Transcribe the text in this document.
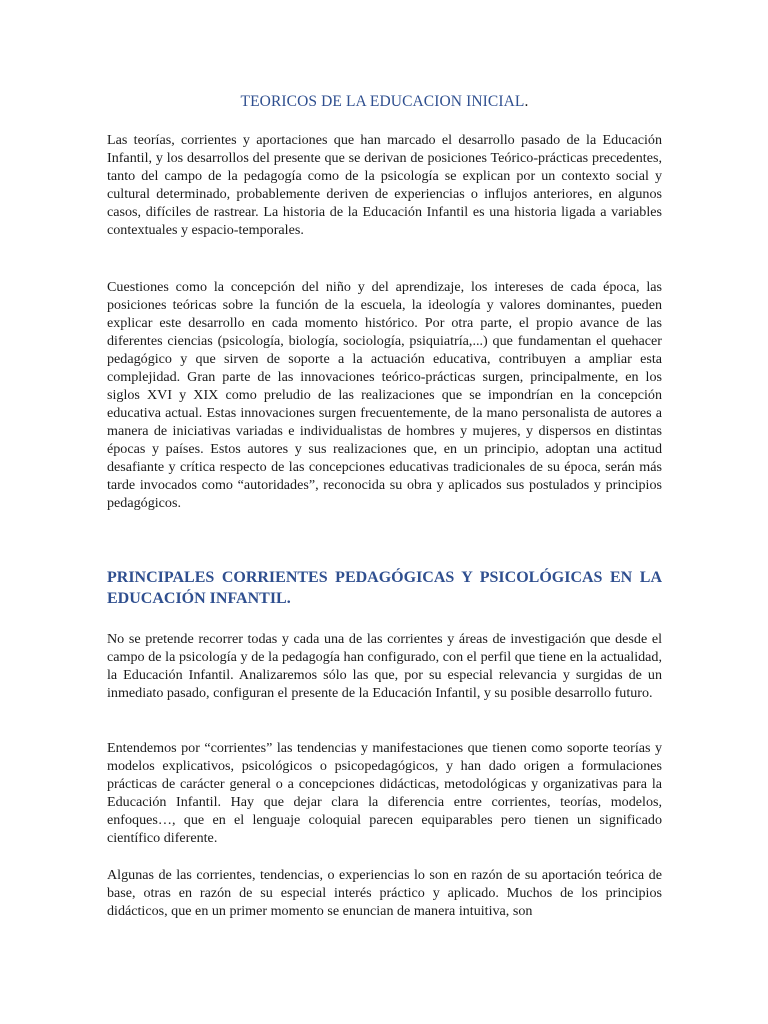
TEORICOS DE LA EDUCACION INICIAL.

Las teorías, corrientes y aportaciones que han marcado el desarrollo pasado de la Educación Infantil, y los desarrollos del presente que se derivan de posiciones Teórico-prácticas precedentes, tanto del campo de la pedagogía como de la psicología se explican por un contexto social y cultural determinado, probablemente deriven de experiencias o influjos anteriores, en algunos casos, difíciles de rastrear. La historia de la Educación Infantil es una historia ligada a variables contextuales y espacio-temporales.

Cuestiones como la concepción del niño y del aprendizaje, los intereses de cada época, las posiciones teóricas sobre la función de la escuela, la ideología y valores dominantes, pueden explicar este desarrollo en cada momento histórico. Por otra parte, el propio avance de las diferentes ciencias (psicología, biología, sociología, psiquiatría,...) que fundamentan el quehacer pedagógico y que sirven de soporte a la actuación educativa, contribuyen a ampliar esta complejidad. Gran parte de las innovaciones teórico-prácticas surgen, principalmente, en los siglos XVI y XIX como preludio de las realizaciones que se impondrían en la concepción educativa actual. Estas innovaciones surgen frecuentemente, de la mano personalista de autores a manera de iniciativas variadas e individualistas de hombres y mujeres, y dispersos en distintas épocas y países. Estos autores y sus realizaciones que, en un principio, adoptan una actitud desafiante y crítica respecto de las concepciones educativas tradicionales de su época, serán más tarde invocados como “autoridades”, reconocida su obra y aplicados sus postulados y principios pedagógicos.

PRINCIPALES CORRIENTES PEDAGÓGICAS Y PSICOLÓGICAS EN LA EDUCACIÓN INFANTIL.

No se pretende recorrer todas y cada una de las corrientes y áreas de investigación que desde el campo de la psicología y de la pedagogía han configurado, con el perfil que tiene en la actualidad, la Educación Infantil. Analizaremos sólo las que, por su especial relevancia y surgidas de un inmediato pasado, configuran el presente de la Educación Infantil, y su posible desarrollo futuro.

Entendemos por “corrientes” las tendencias y manifestaciones que tienen como soporte teorías y modelos explicativos, psicológicos o psicopedagógicos, y han dado origen a formulaciones prácticas de carácter general o a concepciones didácticas, metodológicas y organizativas para la Educación Infantil. Hay que dejar clara la diferencia entre corrientes, teorías, modelos, enfoques…, que en el lenguaje coloquial parecen equiparables pero tienen un significado científico diferente.

Algunas de las corrientes, tendencias, o experiencias lo son en razón de su aportación teórica de base, otras en razón de su especial interés práctico y aplicado. Muchos de los principios didácticos, que en un primer momento se enuncian de manera intuitiva, son
